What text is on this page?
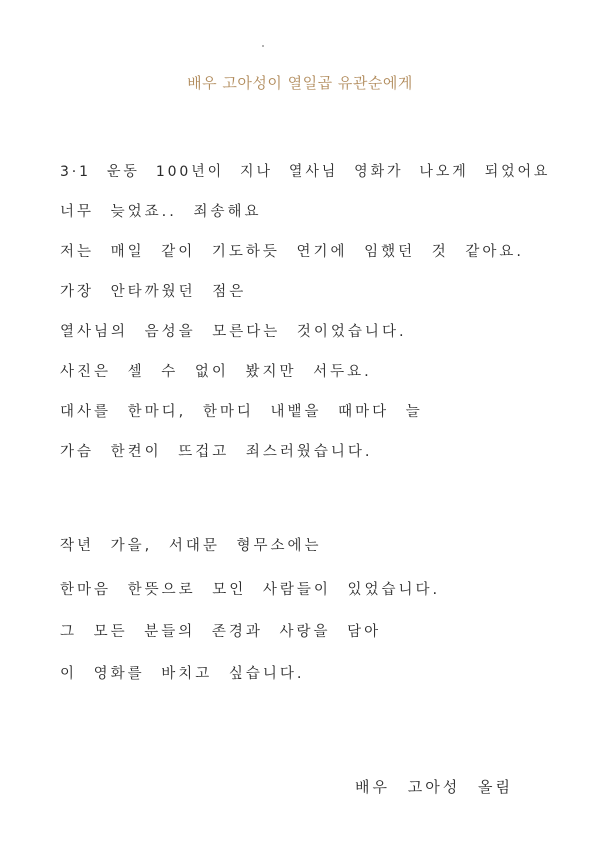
배우 고아성이 열일곱 유관순에게
3·1 운동 100년이 지나 열사님 영화가 나오게 되었어요
너무 늦었죠.. 죄송해요
저는 매일 같이 기도하듯 연기에 임했던 것 같아요.
가장 안타까웠던 점은
열사님의 음성을 모른다는 것이었습니다.
사진은 셀 수 없이 봤지만 서두요.
대사를 한마디, 한마디 내뱉을 때마다 늘
가슴 한켠이 뜨겁고 죄스러웠습니다.
작년 가을, 서대문 형무소에는
한마음 한뜻으로 모인 사람들이 있었습니다.
그 모든 분들의 존경과 사랑을 담아
이 영화를 바치고 싶습니다.
배우 고아성 올림
